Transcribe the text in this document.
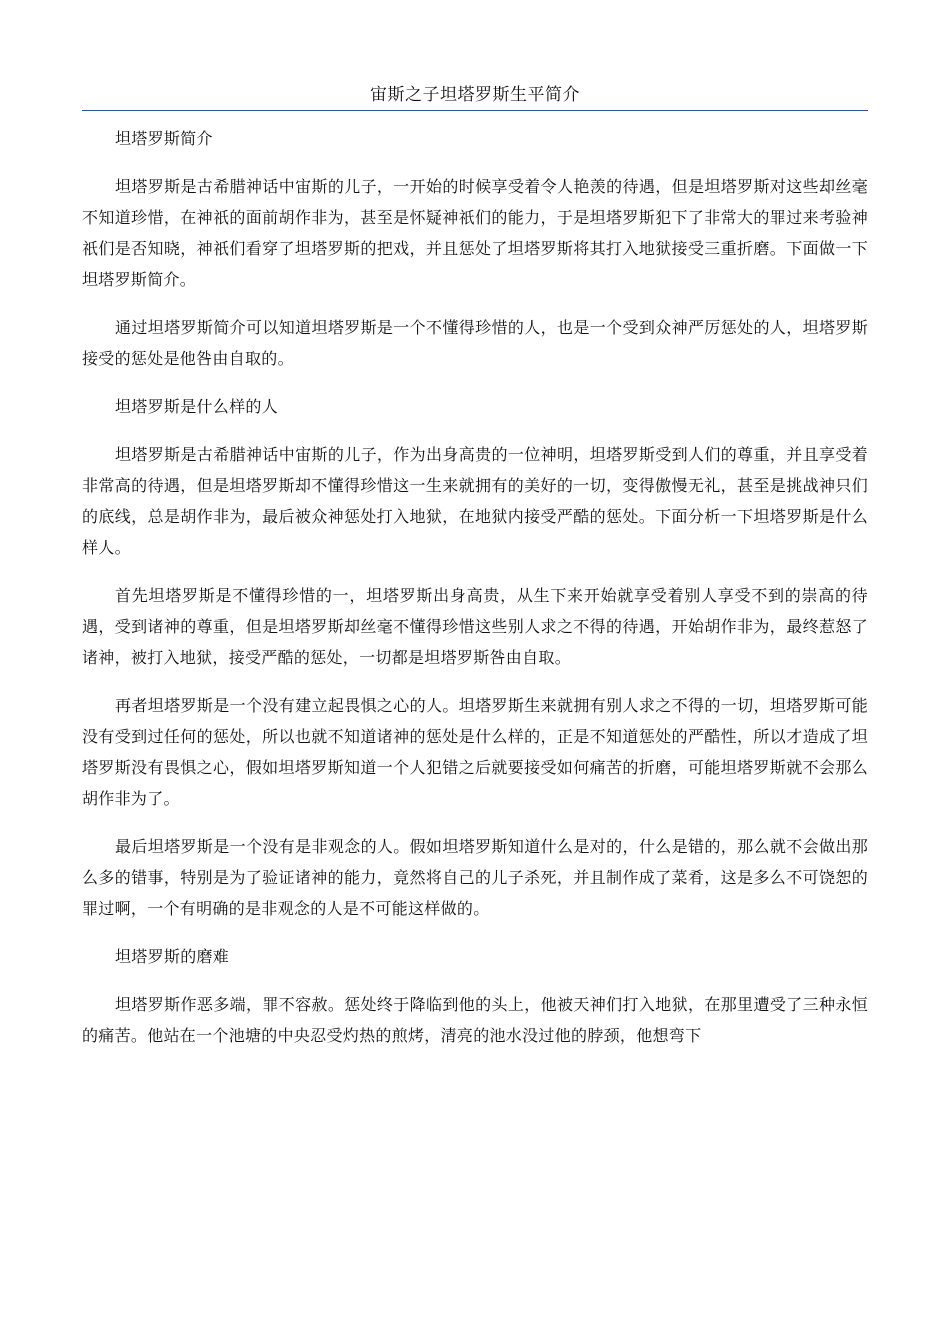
宙斯之子坦塔罗斯生平简介

坦塔罗斯简介

坦塔罗斯是古希腊神话中宙斯的儿子，一开始的时候享受着令人艳羡的待遇，但是坦塔罗斯对这些却丝毫不知道珍惜，在神祇的面前胡作非为，甚至是怀疑神祇们的能力，于是坦塔罗斯犯下了非常大的罪过来考验神祇们是否知晓，神祇们看穿了坦塔罗斯的把戏，并且惩处了坦塔罗斯将其打入地狱接受三重折磨。下面做一下坦塔罗斯简介。

通过坦塔罗斯简介可以知道坦塔罗斯是一个不懂得珍惜的人，也是一个受到众神严厉惩处的人，坦塔罗斯接受的惩处是他咎由自取的。

坦塔罗斯是什么样的人

坦塔罗斯是古希腊神话中宙斯的儿子，作为出身高贵的一位神明，坦塔罗斯受到人们的尊重，并且享受着非常高的待遇，但是坦塔罗斯却不懂得珍惜这一生来就拥有的美好的一切，变得傲慢无礼，甚至是挑战神只们的底线，总是胡作非为，最后被众神惩处打入地狱，在地狱内接受严酷的惩处。下面分析一下坦塔罗斯是什么样人。

首先坦塔罗斯是不懂得珍惜的一，坦塔罗斯出身高贵，从生下来开始就享受着别人享受不到的崇高的待遇，受到诸神的尊重，但是坦塔罗斯却丝毫不懂得珍惜这些别人求之不得的待遇，开始胡作非为，最终惹怒了诸神，被打入地狱，接受严酷的惩处，一切都是坦塔罗斯咎由自取。

再者坦塔罗斯是一个没有建立起畏惧之心的人。坦塔罗斯生来就拥有别人求之不得的一切，坦塔罗斯可能没有受到过任何的惩处，所以也就不知道诸神的惩处是什么样的，正是不知道惩处的严酷性，所以才造成了坦塔罗斯没有畏惧之心，假如坦塔罗斯知道一个人犯错之后就要接受如何痛苦的折磨，可能坦塔罗斯就不会那么胡作非为了。

最后坦塔罗斯是一个没有是非观念的人。假如坦塔罗斯知道什么是对的，什么是错的，那么就不会做出那么多的错事，特别是为了验证诸神的能力，竟然将自己的儿子杀死，并且制作成了菜肴，这是多么不可饶恕的罪过啊，一个有明确的是非观念的人是不可能这样做的。

坦塔罗斯的磨难

坦塔罗斯作恶多端，罪不容赦。惩处终于降临到他的头上，他被天神们打入地狱，在那里遭受了三种永恒的痛苦。他站在一个池塘的中央忍受灼热的煎烤，清亮的池水没过他的脖颈，他想弯下
